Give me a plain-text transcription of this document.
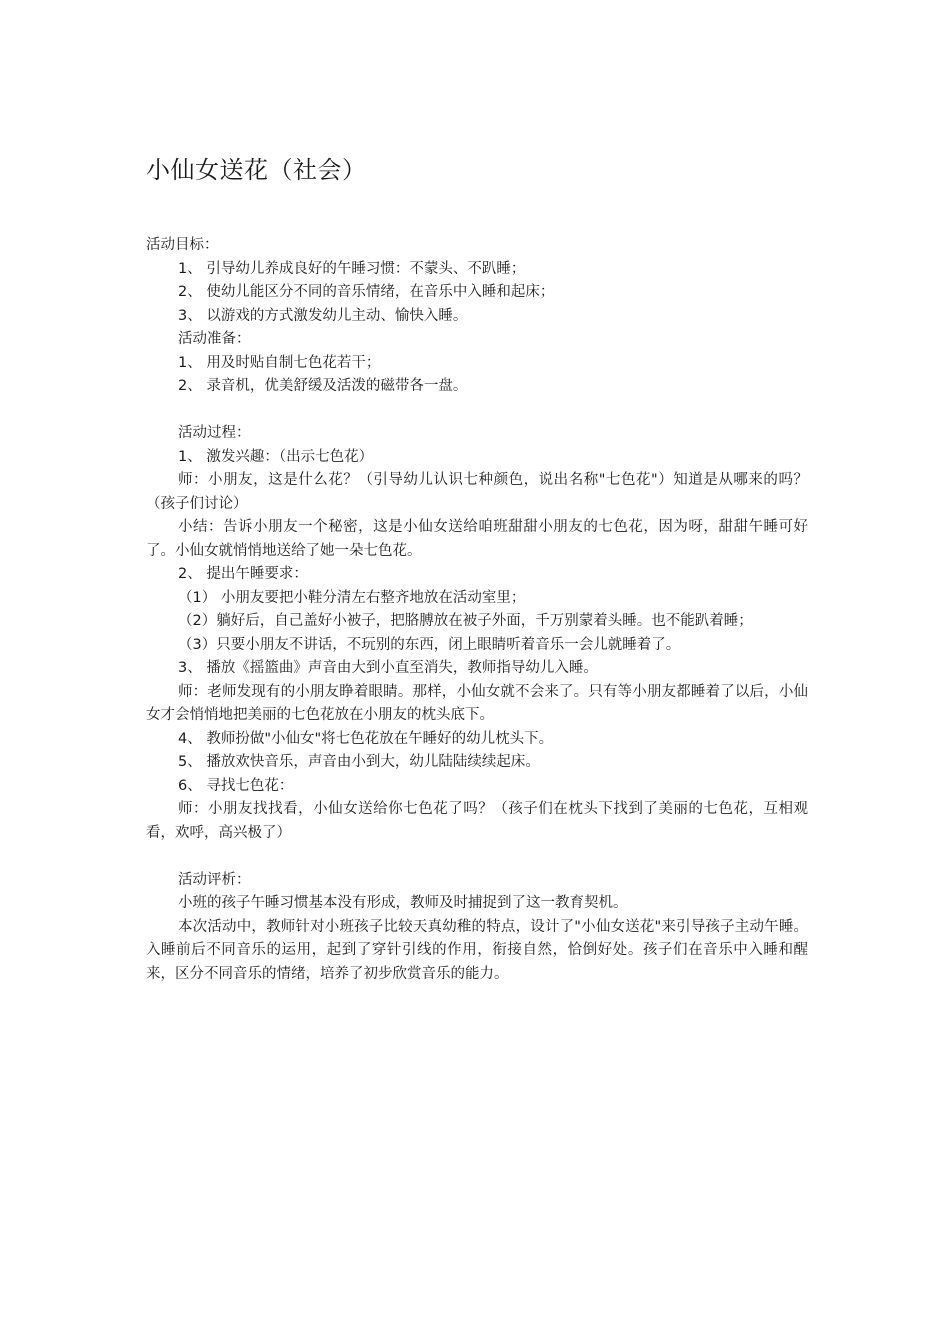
小仙女送花（社会）

活动目标：

1、 引导幼儿养成良好的午睡习惯：不蒙头、不趴睡；

2、 使幼儿能区分不同的音乐情绪，在音乐中入睡和起床；

3、 以游戏的方式激发幼儿主动、愉快入睡。

活动准备：

1、 用及时贴自制七色花若干；

2、 录音机，优美舒缓及活泼的磁带各一盘。

活动过程：

1、 激发兴趣：（出示七色花）

师：小朋友，这是什么花？（引导幼儿认识七种颜色，说出名称"七色花"）知道是从哪来的吗？（孩子们讨论）

小结：告诉小朋友一个秘密，这是小仙女送给咱班甜甜小朋友的七色花，因为呀，甜甜午睡可好了。小仙女就悄悄地送给了她一朵七色花。

2、 提出午睡要求：

（1） 小朋友要把小鞋分清左右整齐地放在活动室里；

（2）躺好后，自己盖好小被子，把胳膊放在被子外面，千万别蒙着头睡。也不能趴着睡；

（3）只要小朋友不讲话，不玩别的东西，闭上眼睛听着音乐一会儿就睡着了。

3、 播放《摇篮曲》声音由大到小直至消失，教师指导幼儿入睡。

师：老师发现有的小朋友睁着眼睛。那样，小仙女就不会来了。只有等小朋友都睡着了以后，小仙女才会悄悄地把美丽的七色花放在小朋友的枕头底下。

4、 教师扮做"小仙女"将七色花放在午睡好的幼儿枕头下。

5、 播放欢快音乐，声音由小到大，幼儿陆陆续续起床。

6、 寻找七色花：

师：小朋友找找看，小仙女送给你七色花了吗？（孩子们在枕头下找到了美丽的七色花，互相观看，欢呼，高兴极了）

活动评析：

小班的孩子午睡习惯基本没有形成，教师及时捕捉到了这一教育契机。

本次活动中，教师针对小班孩子比较天真幼稚的特点，设计了"小仙女送花"来引导孩子主动午睡。入睡前后不同音乐的运用，起到了穿针引线的作用，衔接自然，恰倒好处。孩子们在音乐中入睡和醒来，区分不同音乐的情绪，培养了初步欣赏音乐的能力。
